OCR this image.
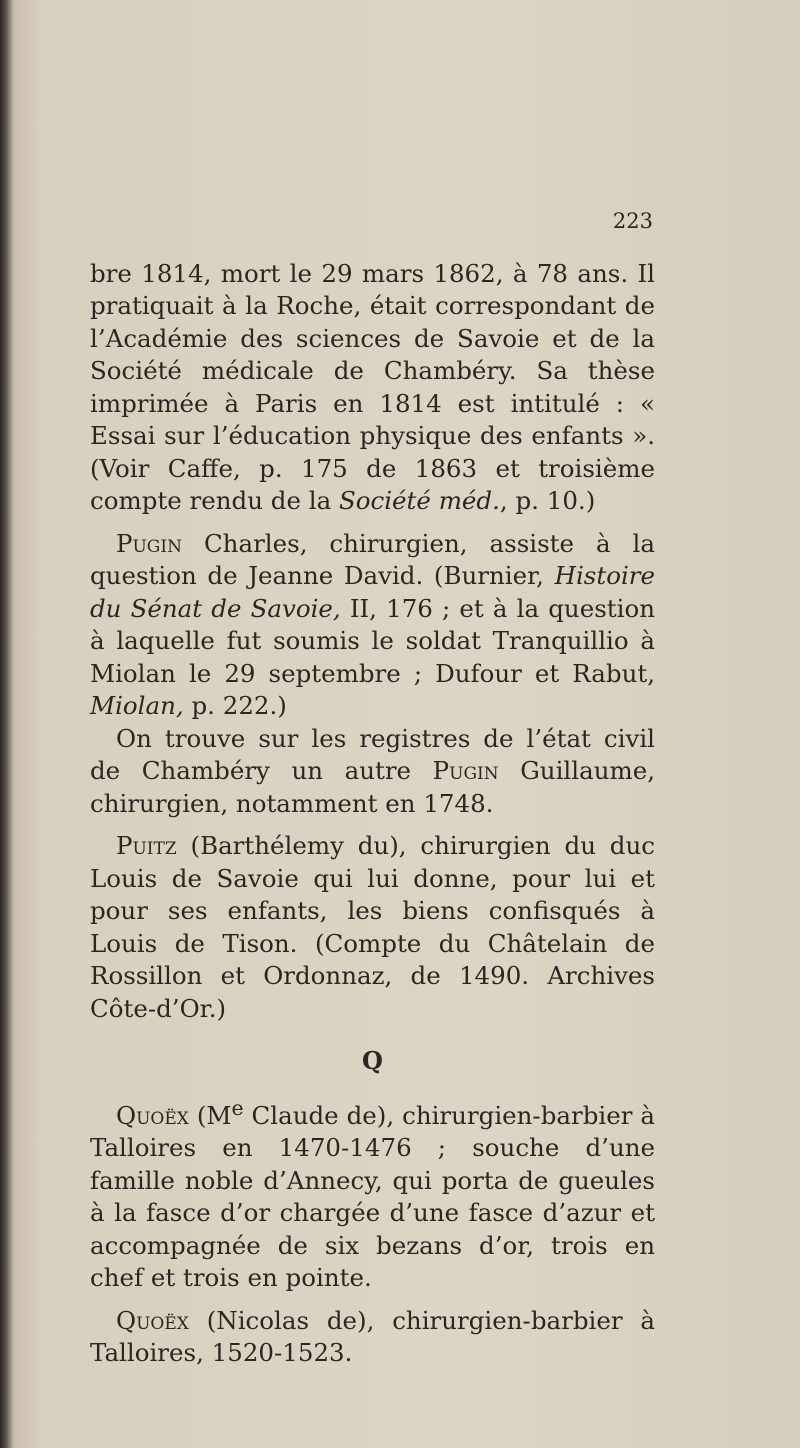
223

bre 1814, mort le 29 mars 1862, à 78 ans. Il pratiquait à la Roche, était correspondant de l’Académie des sciences de Savoie et de la Société médicale de Chambéry. Sa thèse imprimée à Paris en 1814 est intitulé : « Essai sur l’éducation physique des enfants ». (Voir Caffe, p. 175 de 1863 et troisième compte rendu de la Société méd., p. 10.)

Pugin Charles, chirurgien, assiste à la question de Jeanne David. (Burnier, Histoire du Sénat de Savoie, II, 176 ; et à la question à laquelle fut soumis le soldat Tranquillio à Miolan le 29 septembre ; Dufour et Rabut, Miolan, p. 222.)

On trouve sur les registres de l’état civil de Chambéry un autre Pugin Guillaume, chirurgien, notamment en 1748.

Puitz (Barthélemy du), chirurgien du duc Louis de Savoie qui lui donne, pour lui et pour ses enfants, les biens confisqués à Louis de Tison. (Compte du Châtelain de Rossillon et Ordonnaz, de 1490. Archives Côte-d’Or.)

Q

Quoëx (Me Claude de), chirurgien-barbier à Talloires en 1470-1476 ; souche d’une famille noble d’Annecy, qui porta de gueules à la fasce d’or chargée d’une fasce d’azur et accompagnée de six bezans d’or, trois en chef et trois en pointe.

Quoëx (Nicolas de), chirurgien-barbier à Talloires, 1520-1523.
